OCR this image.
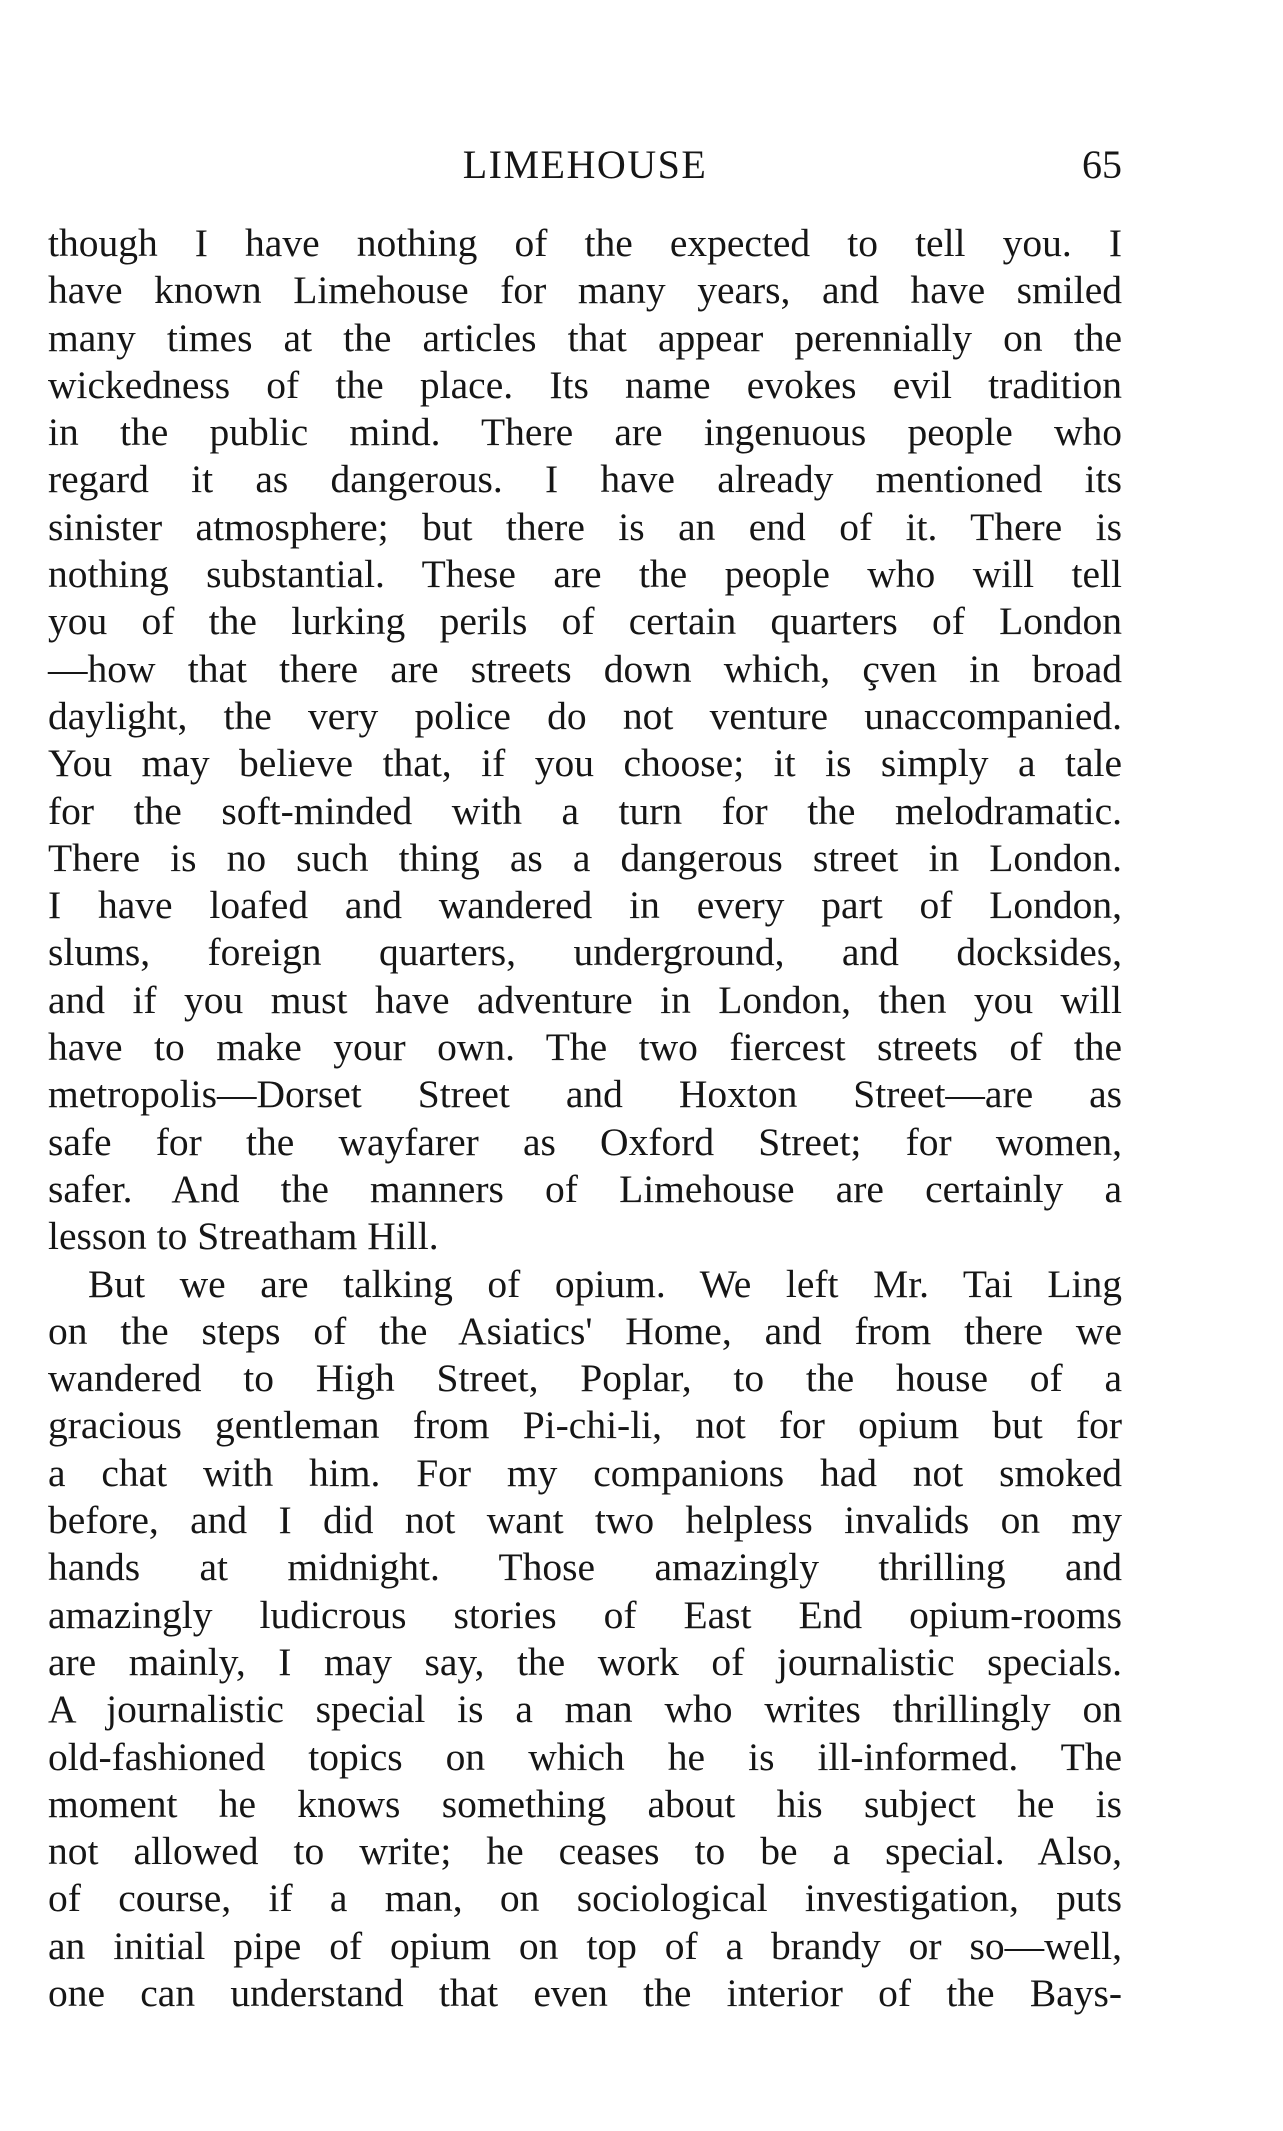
LIMEHOUSE	65
though I have nothing of the expected to tell you. I
have known Limehouse for many years, and have smiled
many times at the articles that appear perennially on the
wickedness of the place. Its name evokes evil tradition
in the public mind. There are ingenuous people who
regard it as dangerous. I have already mentioned its
sinister atmosphere; but there is an end of it. There is
nothing substantial. These are the people who will tell
you of the lurking perils of certain quarters of London
—how that there are streets down which, çven in broad
daylight, the very police do not venture unaccompanied.
You may believe that, if you choose; it is simply a tale
for the soft-minded with a turn for the melodramatic.
There is no such thing as a dangerous street in London.
I have loafed and wandered in every part of London,
slums, foreign quarters, underground, and docksides,
and if you must have adventure in London, then you will
have to make your own. The two fiercest streets of the
metropolis—Dorset Street and Hoxton Street—are as
safe for the wayfarer as Oxford Street; for women,
safer. And the manners of Limehouse are certainly a
lesson to Streatham Hill.
But we are talking of opium. We left Mr. Tai Ling
on the steps of the Asiatics' Home, and from there we
wandered to High Street, Poplar, to the house of a
gracious gentleman from Pi-chi-li, not for opium but for
a chat with him. For my companions had not smoked
before, and I did not want two helpless invalids on my
hands at midnight. Those amazingly thrilling and
amazingly ludicrous stories of East End opium-rooms
are mainly, I may say, the work of journalistic specials.
A journalistic special is a man who writes thrillingly on
old-fashioned topics on which he is ill-informed. The
moment he knows something about his subject he is
not allowed to write; he ceases to be a special. Also,
of course, if a man, on sociological investigation, puts
an initial pipe of opium on top of a brandy or so—well,
one can understand that even the interior of the Bays-
